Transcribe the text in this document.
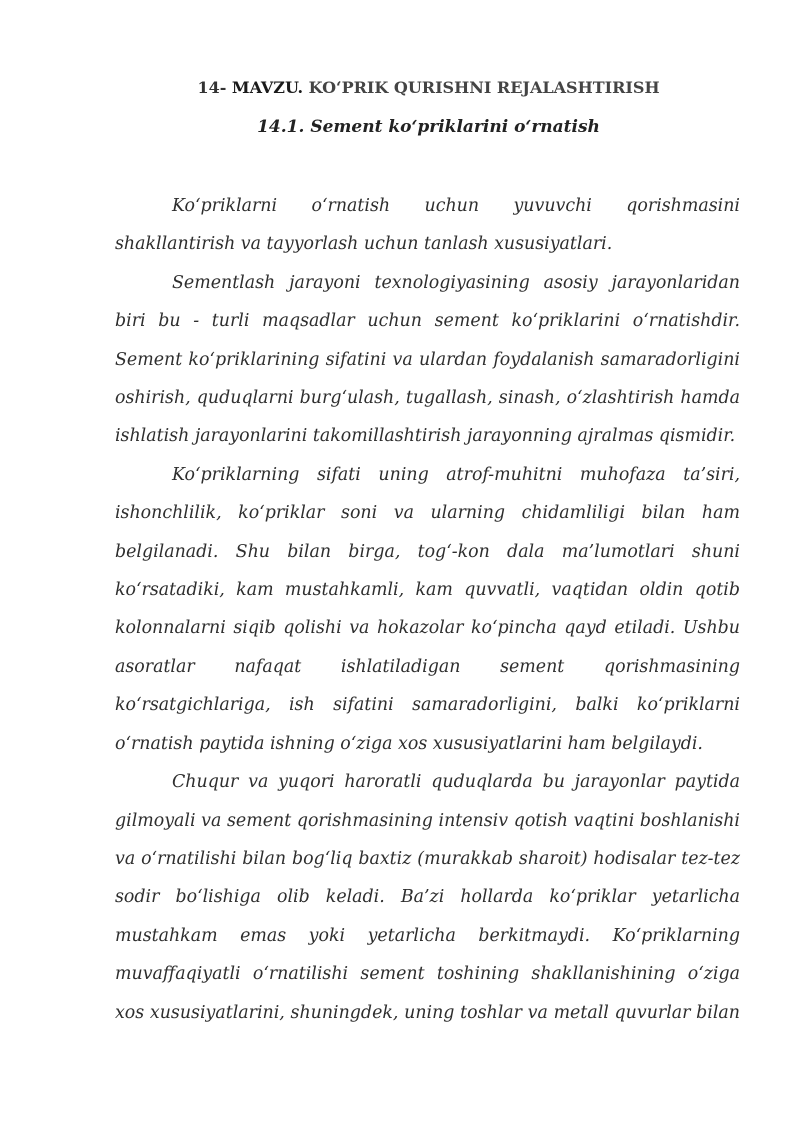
14- MAVZU. KO‘PRIK QURISHNI REJALASHTIRISH
14.1. Sement ko‘priklarini o‘rnatish

Ko‘priklarni o‘rnatish uchun yuvuvchi qorishmasini shakllantirish va tayyorlash uchun tanlash xususiyatlari.

Sementlash jarayoni texnologiyasining asosiy jarayonlaridan biri bu - turli maqsadlar uchun sement ko‘priklarini o‘rnatishdir. Sement ko‘priklarining sifatini va ulardan foydalanish samaradorligini oshirish, quduqlarni burg‘ulash, tugallash, sinash, o‘zlashtirish hamda ishlatish jarayonlarini takomillashtirish jarayonning ajralmas qismidir.

Ko‘priklarning sifati uning atrof-muhitni muhofaza ta’siri, ishonchlilik, ko‘priklar soni va ularning chidamliligi bilan ham belgilanadi. Shu bilan birga, tog‘-kon dala ma’lumotlari shuni ko‘rsatadiki, kam mustahkamli, kam quvvatli, vaqtidan oldin qotib kolonnalarni siqib qolishi va hokazolar ko‘pincha qayd etiladi. Ushbu asoratlar nafaqat ishlatiladigan sement qorishmasining ko‘rsatgichlariga, ish sifatini samaradorligini, balki ko‘priklarni o‘rnatish paytida ishning o‘ziga xos xususiyatlarini ham belgilaydi.

Chuqur va yuqori haroratli quduqlarda bu jarayonlar paytida gilmoyali va sement qorishmasining intensiv qotish vaqtini boshlanishi va o‘rnatilishi bilan bog‘liq baxtiz (murakkab sharoit) hodisalar tez-tez sodir bo‘lishiga olib keladi. Ba’zi hollarda ko‘priklar yetarlicha mustahkam emas yoki yetarlicha berkitmaydi. Ko‘priklarning muvaffaqiyatli o‘rnatilishi sement toshining shakllanishining o‘ziga xos xususiyatlarini, shuningdek, uning toshlar va metall quvurlar bilan
